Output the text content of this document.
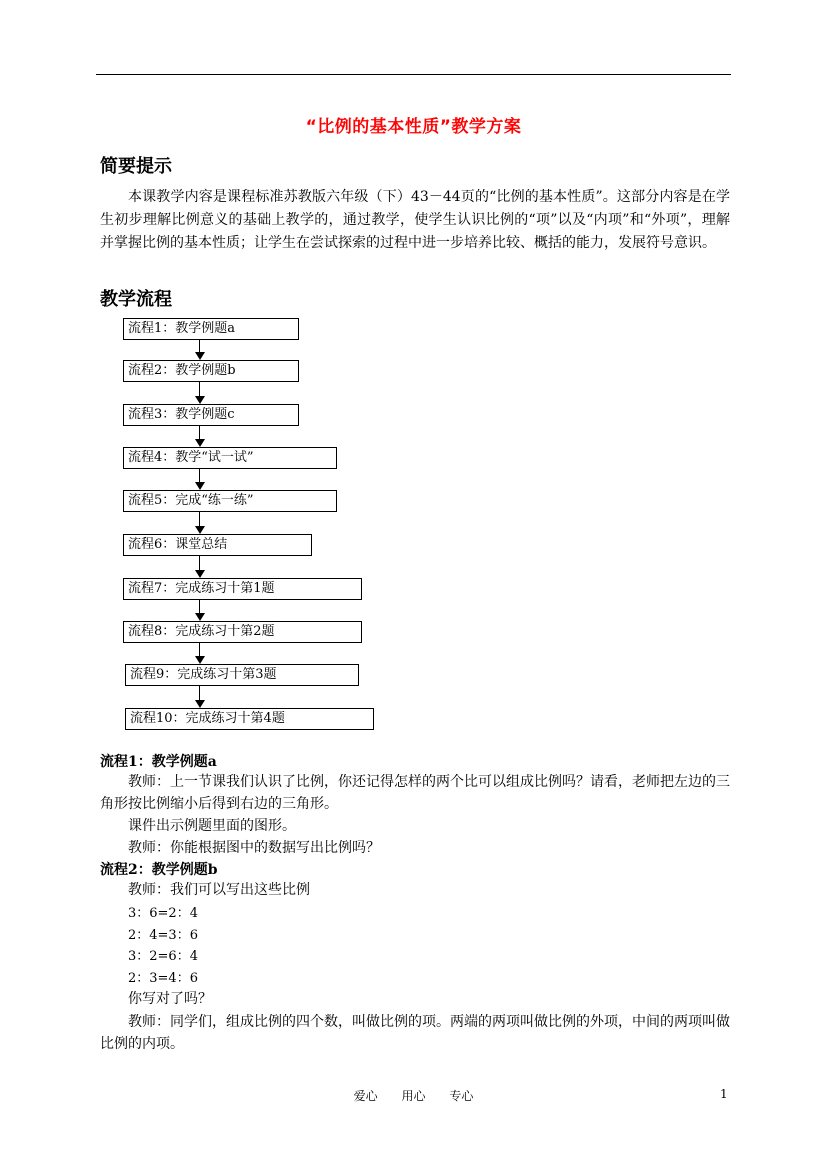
“比例的基本性质”教学方案
简要提示
本课教学内容是课程标准苏教版六年级（下）43－44页的“比例的基本性质”。这部分内容是在学生初步理解比例意义的基础上教学的，通过教学，使学生认识比例的“项”以及“内项”和“外项”，理解并掌握比例的基本性质；让学生在尝试探索的过程中进一步培养比较、概括的能力，发展符号意识。
教学流程
流程1：教学例题a
流程2：教学例题b
流程3：教学例题c
流程4：教学“试一试”
流程5：完成“练一练”
流程6：课堂总结
流程7：完成练习十第1题
流程8：完成练习十第2题
流程9：完成练习十第3题
流程10：完成练习十第4题
流程1：教学例题a
教师：上一节课我们认识了比例，你还记得怎样的两个比可以组成比例吗？请看，老师把左边的三角形按比例缩小后得到右边的三角形。
课件出示例题里面的图形。
教师：你能根据图中的数据写出比例吗？
流程2：教学例题b
教师：我们可以写出这些比例
3：6=2：4
2：4=3：6
3：2=6：4
2：3=4：6
你写对了吗？
教师：同学们，组成比例的四个数，叫做比例的项。两端的两项叫做比例的外项，中间的两项叫做比例的内项。
爱心 用心 专心	1
